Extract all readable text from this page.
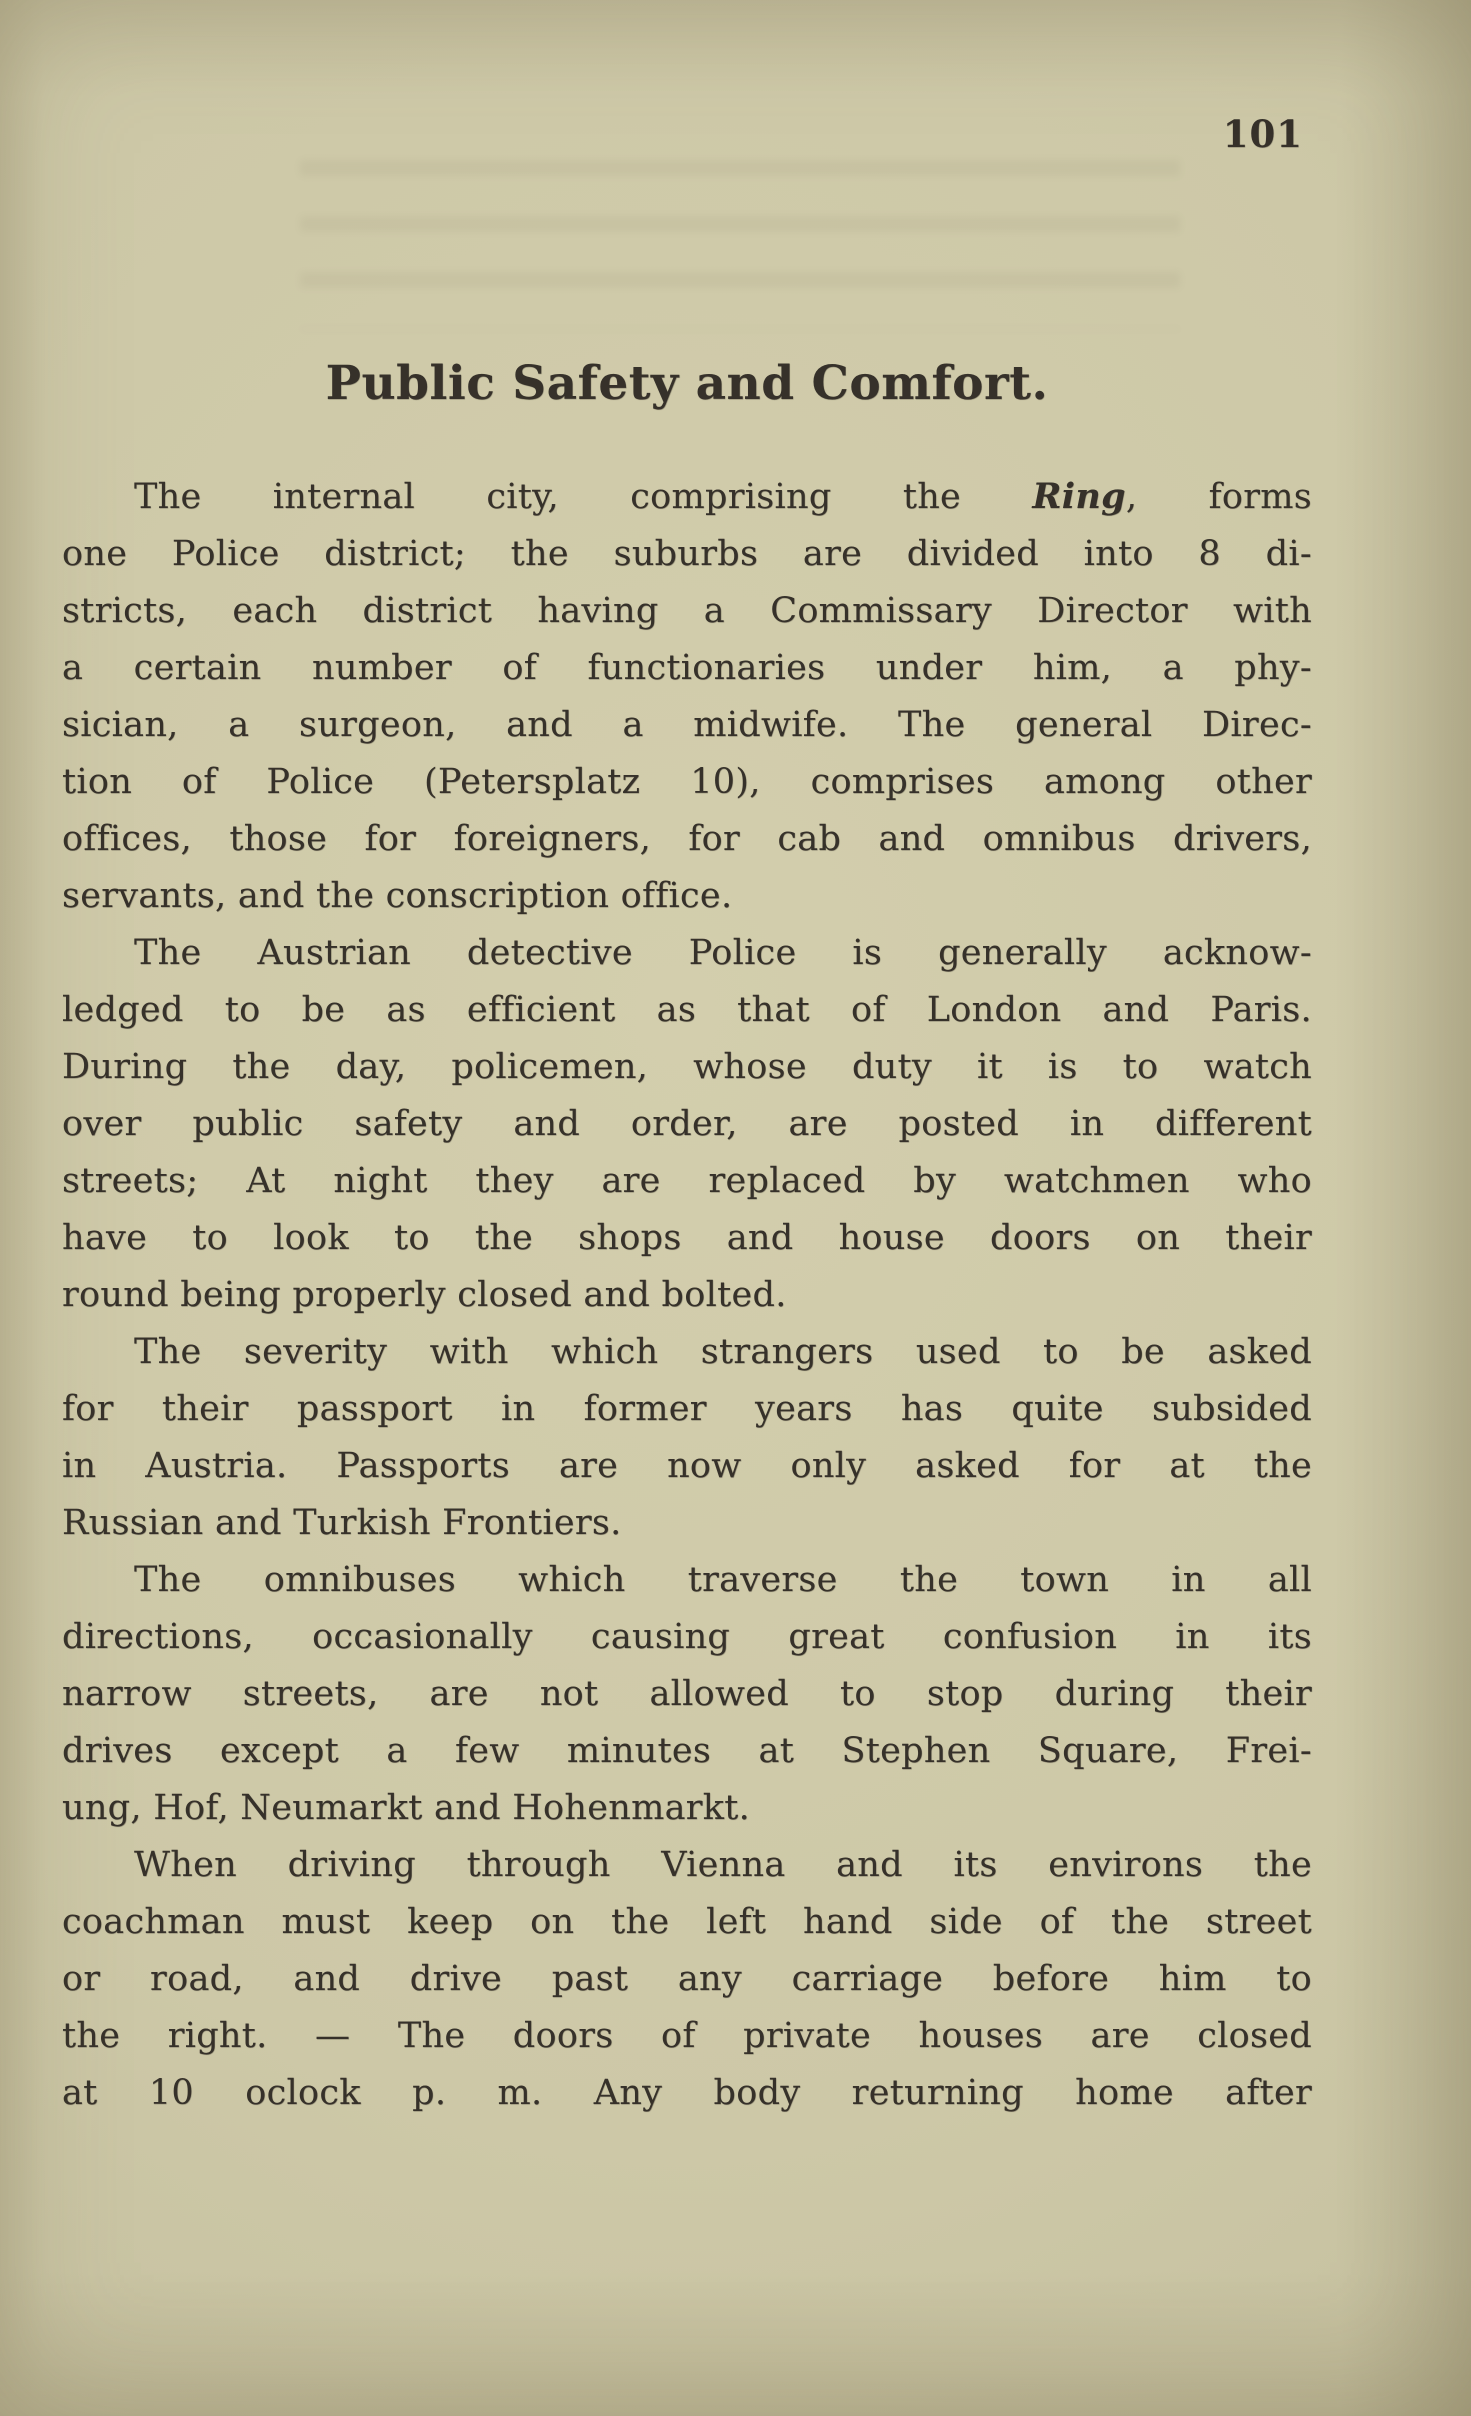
101
Public Safety and Comfort.
The internal city, comprising the Ring, forms
one Police district; the suburbs are divided into 8 di-
stricts, each district having a Commissary Director with
a certain number of functionaries under him, a phy-
sician, a surgeon, and a midwife. The general Direc-
tion of Police (Petersplatz 10), comprises among other
offices, those for foreigners, for cab and omnibus drivers,
servants, and the conscription office.
The Austrian detective Police is generally acknow-
ledged to be as efficient as that of London and Paris.
During the day, policemen, whose duty it is to watch
over public safety and order, are posted in different
streets; At night they are replaced by watchmen who
have to look to the shops and house doors on their
round being properly closed and bolted.
The severity with which strangers used to be asked
for their passport in former years has quite subsided
in Austria. Passports are now only asked for at the
Russian and Turkish Frontiers.
The omnibuses which traverse the town in all
directions, occasionally causing great confusion in its
narrow streets, are not allowed to stop during their
drives except a few minutes at Stephen Square, Frei-
ung, Hof, Neumarkt and Hohenmarkt.
When driving through Vienna and its environs the
coachman must keep on the left hand side of the street
or road, and drive past any carriage before him to
the right. — The doors of private houses are closed
at 10 oclock p. m. Any body returning home after
